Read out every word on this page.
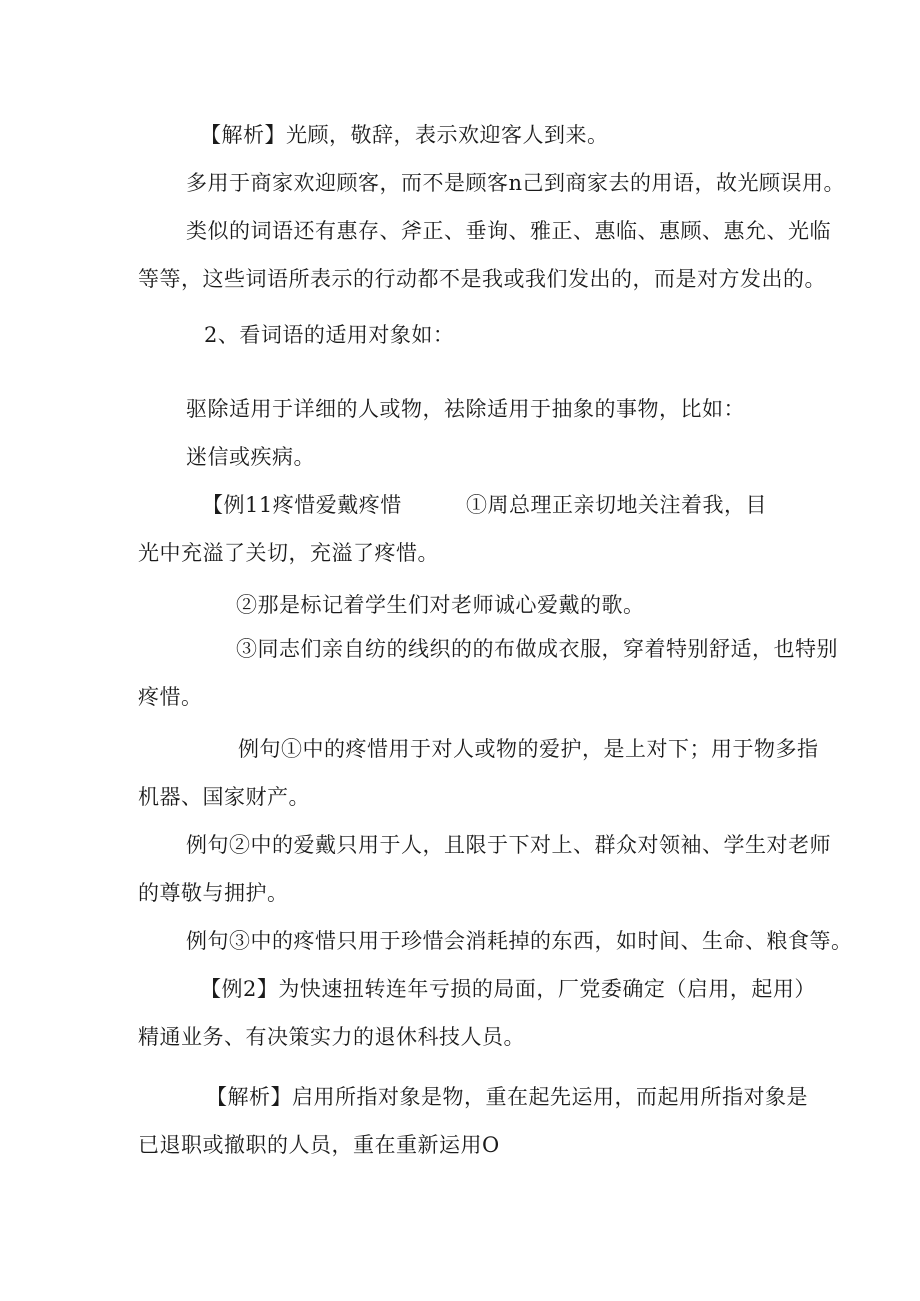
【解析】光顾，敬辞，表示欢迎客人到来。
多用于商家欢迎顾客，而不是顾客n己到商家去的用语，故光顾误用。
类似的词语还有惠存、斧正、垂询、雅正、惠临、惠顾、惠允、光临
等等，这些词语所表示的行动都不是我或我们发出的，而是对方发出的。
2、看词语的适用对象如：
驱除适用于详细的人或物，祛除适用于抽象的事物，比如：
迷信或疾病。
【例11疼惜爱戴疼惜	①周总理正亲切地关注着我，目
光中充溢了关切，充溢了疼惜。
②那是标记着学生们对老师诚心爱戴的歌。
③同志们亲自纺的线织的的布做成衣服，穿着特别舒适，也特别
疼惜。
例句①中的疼惜用于对人或物的爱护，是上对下；用于物多指
机器、国家财产。
例句②中的爱戴只用于人，且限于下对上、群众对领袖、学生对老师
的尊敬与拥护。
例句③中的疼惜只用于珍惜会消耗掉的东西，如时间、生命、粮食等。
【例2】为快速扭转连年亏损的局面，厂党委确定（启用，起用）
精通业务、有决策实力的退休科技人员。
【解析】启用所指对象是物，重在起先运用，而起用所指对象是
已退职或撤职的人员，重在重新运用O
